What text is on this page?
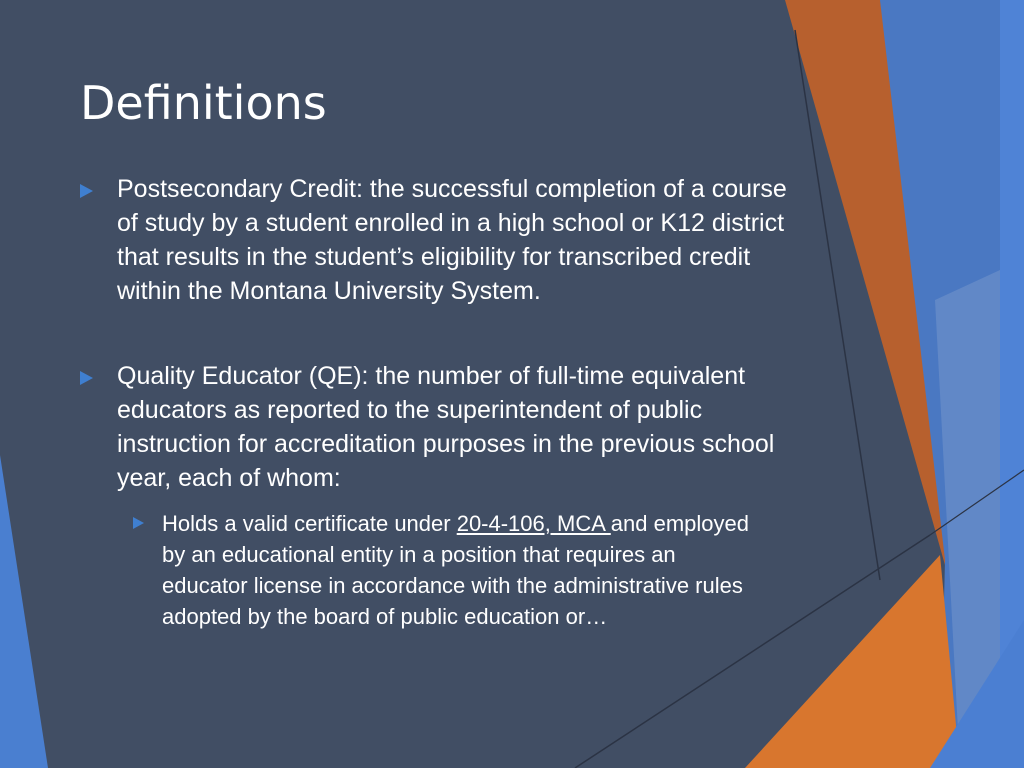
Definitions
Postsecondary Credit: the successful completion of a course of study by a student enrolled in a high school or K12 district that results in the student’s eligibility for transcribed credit within the Montana University System.
Quality Educator (QE): the number of full-time equivalent educators as reported to the superintendent of public instruction for accreditation purposes in the previous school year, each of whom:
Holds a valid certificate under 20-4-106, MCA and employed by an educational entity in a position that requires an educator license in accordance with the administrative rules adopted by the board of public education or…
